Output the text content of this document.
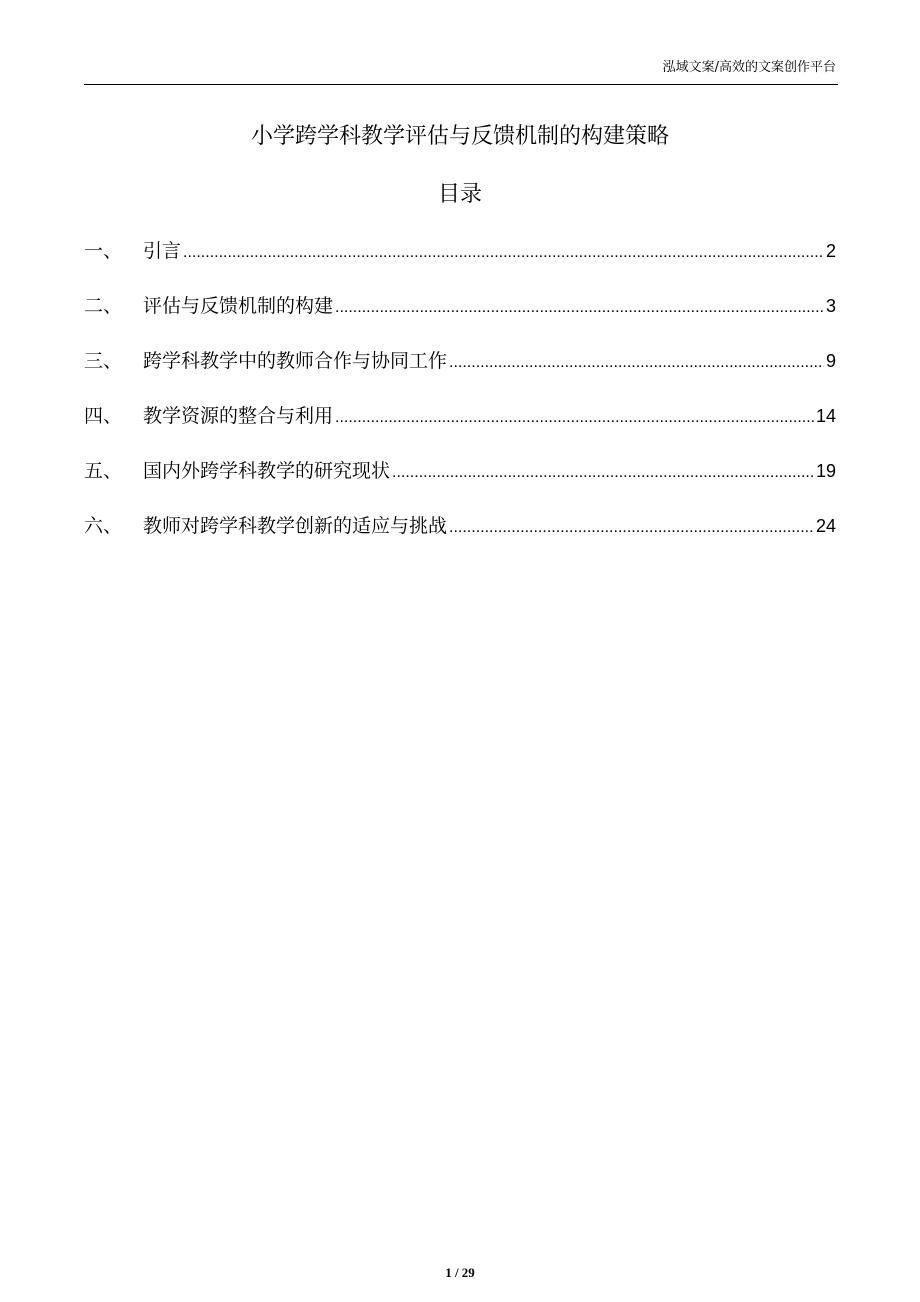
泓域文案/高效的文案创作平台
小学跨学科教学评估与反馈机制的构建策略
目录
一、	引言 .....	2
二、	评估与反馈机制的构建 .....	3
三、	跨学科教学中的教师合作与协同工作 .....	9
四、	教学资源的整合与利用 .....	14
五、	国内外跨学科教学的研究现状 .....	19
六、	教师对跨学科教学创新的适应与挑战 .....	24
1 / 29
